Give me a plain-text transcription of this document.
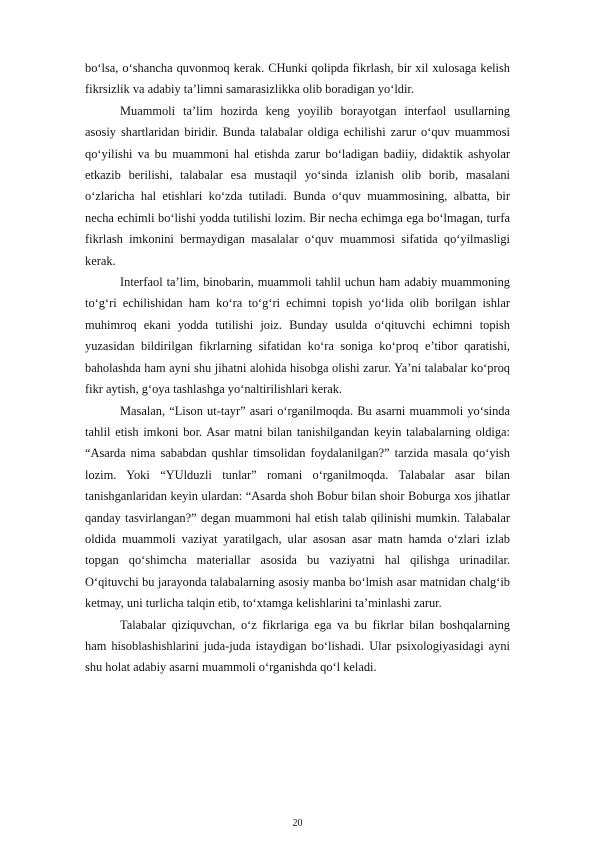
bo‘lsa, o‘shancha quvonmoq kerak. CHunki qolipda fikrlash, bir xil xulosaga kelish fikrsizlik va adabiy ta’limni samarasizlikka olib boradigan yo‘ldir.

Muammoli ta’lim hozirda keng yoyilib borayotgan interfaol usullarning asosiy shartlaridan biridir. Bunda talabalar oldiga echilishi zarur o‘quv muammosi qo‘yilishi va bu muammoni hal etishda zarur bo‘ladigan badiiy, didaktik ashyolar etkazib berilishi, talabalar esa mustaqil yo‘sinda izlanish olib borib, masalani o‘zlaricha hal etishlari ko‘zda tutiladi. Bunda o‘quv muammosining, albatta, bir necha echimli bo‘lishi yodda tutilishi lozim. Bir necha echimga ega bo‘lmagan, turfa fikrlash imkonini bermaydigan masalalar o‘quv muammosi sifatida qo‘yilmasligi kerak.

Interfaol ta’lim, binobarin, muammoli tahlil uchun ham adabiy muammoning to‘g‘ri echilishidan ham ko‘ra to‘g‘ri echimni topish yo‘lida olib borilgan ishlar muhimroq ekani yodda tutilishi joiz. Bunday usulda o‘qituvchi echimni topish yuzasidan bildirilgan fikrlarning sifatidan ko‘ra soniga ko‘proq e’tibor qaratishi, baholashda ham ayni shu jihatni alohida hisobga olishi zarur. Ya’ni talabalar ko‘proq fikr aytish, g‘oya tashlashga yo‘naltirilishlari kerak.

Masalan, “Lison ut-tayr” asari o‘rganilmoqda. Bu asarni muammoli yo‘sinda tahlil etish imkoni bor. Asar matni bilan tanishilgandan keyin talabalarning oldiga: “Asarda nima sababdan qushlar timsolidan foydalanilgan?” tarzida masala qo‘yish lozim. Yoki “YUlduzli tunlar” romani o‘rganilmoqda. Talabalar asar bilan tanishganlaridan keyin ulardan: “Asarda shoh Bobur bilan shoir Boburga xos jihatlar qanday tasvirlangan?” degan muammoni hal etish talab qilinishi mumkin. Talabalar oldida muammoli vaziyat yaratilgach, ular asosan asar matn hamda o‘zlari izlab topgan qo‘shimcha materiallar asosida bu vaziyatni hal qilishga urinadilar. O‘qituvchi bu jarayonda talabalarning asosiy manba bo‘lmish asar matnidan chalg‘ib ketmay, uni turlicha talqin etib, to‘xtamga kelishlarini ta’minlashi zarur.

Talabalar qiziquvchan, o‘z fikrlariga ega va bu fikrlar bilan boshqalarning ham hisoblashishlarini juda-juda istaydigan bo‘lishadi. Ular psixologiyasidagi ayni shu holat adabiy asarni muammoli o‘rganishda qo‘l keladi.

20
